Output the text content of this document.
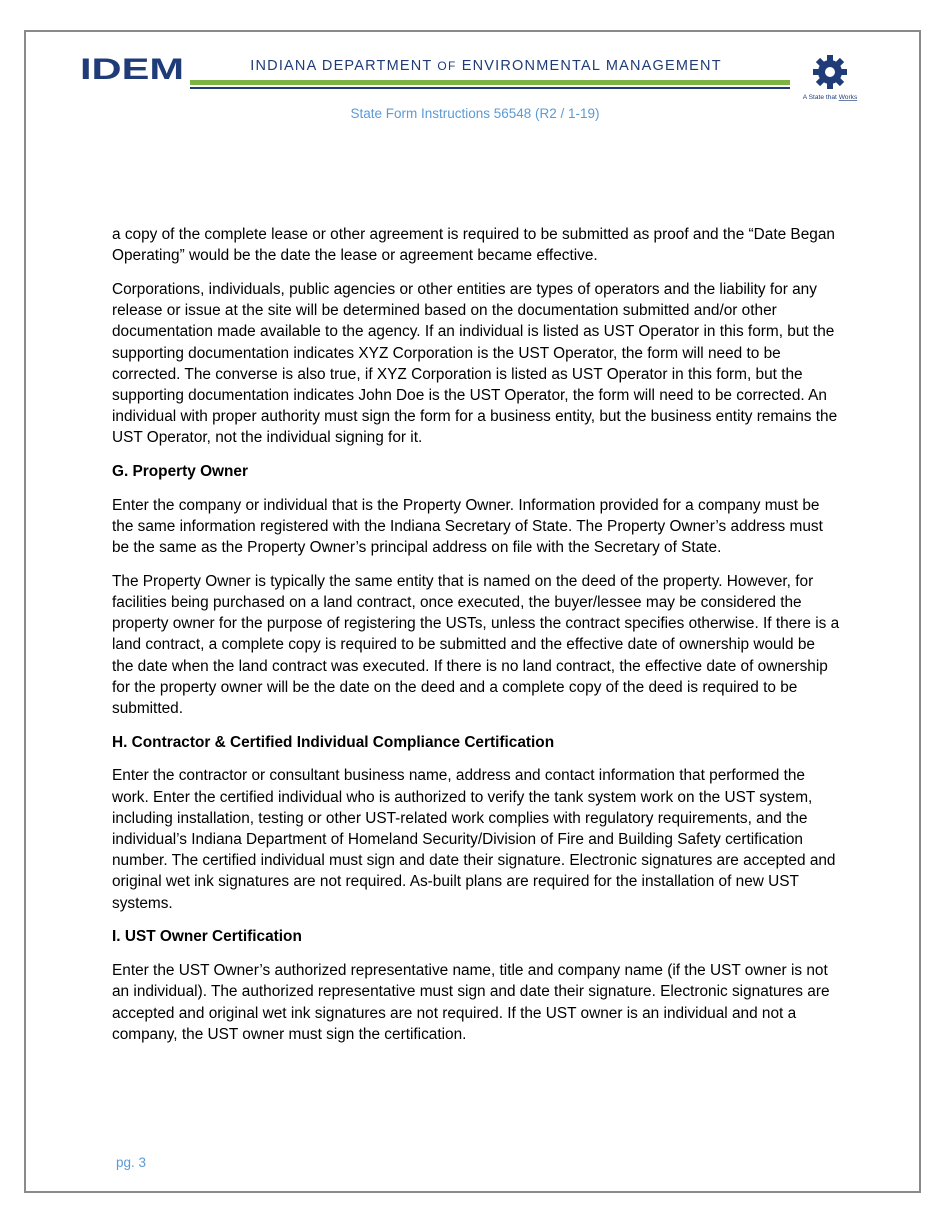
IDEM	INDIANA DEPARTMENT OF ENVIRONMENTAL MANAGEMENT
A State that Works
State Form Instructions 56548 (R2 / 1-19)

a copy of the complete lease or other agreement is required to be submitted as proof and the “Date Began Operating” would be the date the lease or agreement became effective.

Corporations, individuals, public agencies or other entities are types of operators and the liability for any release or issue at the site will be determined based on the documentation submitted and/or other documentation made available to the agency. If an individual is listed as UST Operator in this form, but the supporting documentation indicates XYZ Corporation is the UST Operator, the form will need to be corrected. The converse is also true, if XYZ Corporation is listed as UST Operator in this form, but the supporting documentation indicates John Doe is the UST Operator, the form will need to be corrected. An individual with proper authority must sign the form for a business entity, but the business entity remains the UST Operator, not the individual signing for it.

G. Property Owner

Enter the company or individual that is the Property Owner. Information provided for a company must be the same information registered with the Indiana Secretary of State. The Property Owner’s address must be the same as the Property Owner’s principal address on file with the Secretary of State.

The Property Owner is typically the same entity that is named on the deed of the property. However, for facilities being purchased on a land contract, once executed, the buyer/lessee may be considered the property owner for the purpose of registering the USTs, unless the contract specifies otherwise. If there is a land contract, a complete copy is required to be submitted and the effective date of ownership would be the date when the land contract was executed. If there is no land contract, the effective date of ownership for the property owner will be the date on the deed and a complete copy of the deed is required to be submitted.

H. Contractor & Certified Individual Compliance Certification

Enter the contractor or consultant business name, address and contact information that performed the work. Enter the certified individual who is authorized to verify the tank system work on the UST system, including installation, testing or other UST-related work complies with regulatory requirements, and the individual’s Indiana Department of Homeland Security/Division of Fire and Building Safety certification number. The certified individual must sign and date their signature. Electronic signatures are accepted and original wet ink signatures are not required. As-built plans are required for the installation of new UST systems.

I. UST Owner Certification

Enter the UST Owner’s authorized representative name, title and company name (if the UST owner is not an individual). The authorized representative must sign and date their signature. Electronic signatures are accepted and original wet ink signatures are not required. If the UST owner is an individual and not a company, the UST owner must sign the certification.

pg. 3
